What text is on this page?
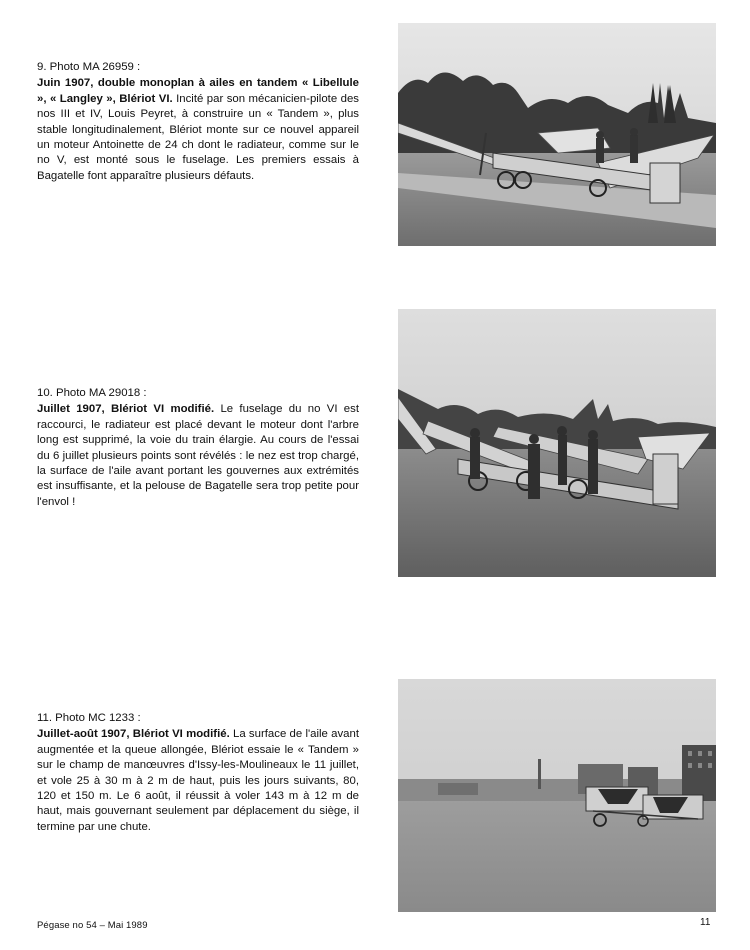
9. Photo MA 26959 :
Juin 1907, double monoplan à ailes en tandem « Libellule », « Langley », Blériot VI. Incité par son mécanicien-pilote des nos III et IV, Louis Peyret, à construire un « Tandem », plus stable longitudinalement, Blériot monte sur ce nouvel appareil un moteur Antoinette de 24 ch dont le radiateur, comme sur le no V, est monté sous le fuselage. Les premiers essais à Bagatelle font apparaître plusieurs défauts.
10. Photo MA 29018 :
Juillet 1907, Blériot VI modifié. Le fuselage du no VI est raccourci, le radiateur est placé devant le moteur dont l'arbre long est supprimé, la voie du train élargie. Au cours de l'essai du 6 juillet plusieurs points sont révélés : le nez est trop chargé, la surface de l'aile avant portant les gouvernes aux extrémités est insuffisante, et la pelouse de Bagatelle sera trop petite pour l'envol !
11. Photo MC 1233 :
Juillet-août 1907, Blériot VI modifié. La surface de l'aile avant augmentée et la queue allongée, Blériot essaie le « Tandem » sur le champ de manœuvres d'Issy-les-Moulineaux le 11 juillet, et vole 25 à 30 m à 2 m de haut, puis les jours suivants, 80, 120 et 150 m. Le 6 août, il réussit à voler 143 m à 12 m de haut, mais gouvernant seulement par déplacement du siège, il termine par une chute.
Pégase no 54 – Mai 1989	11
